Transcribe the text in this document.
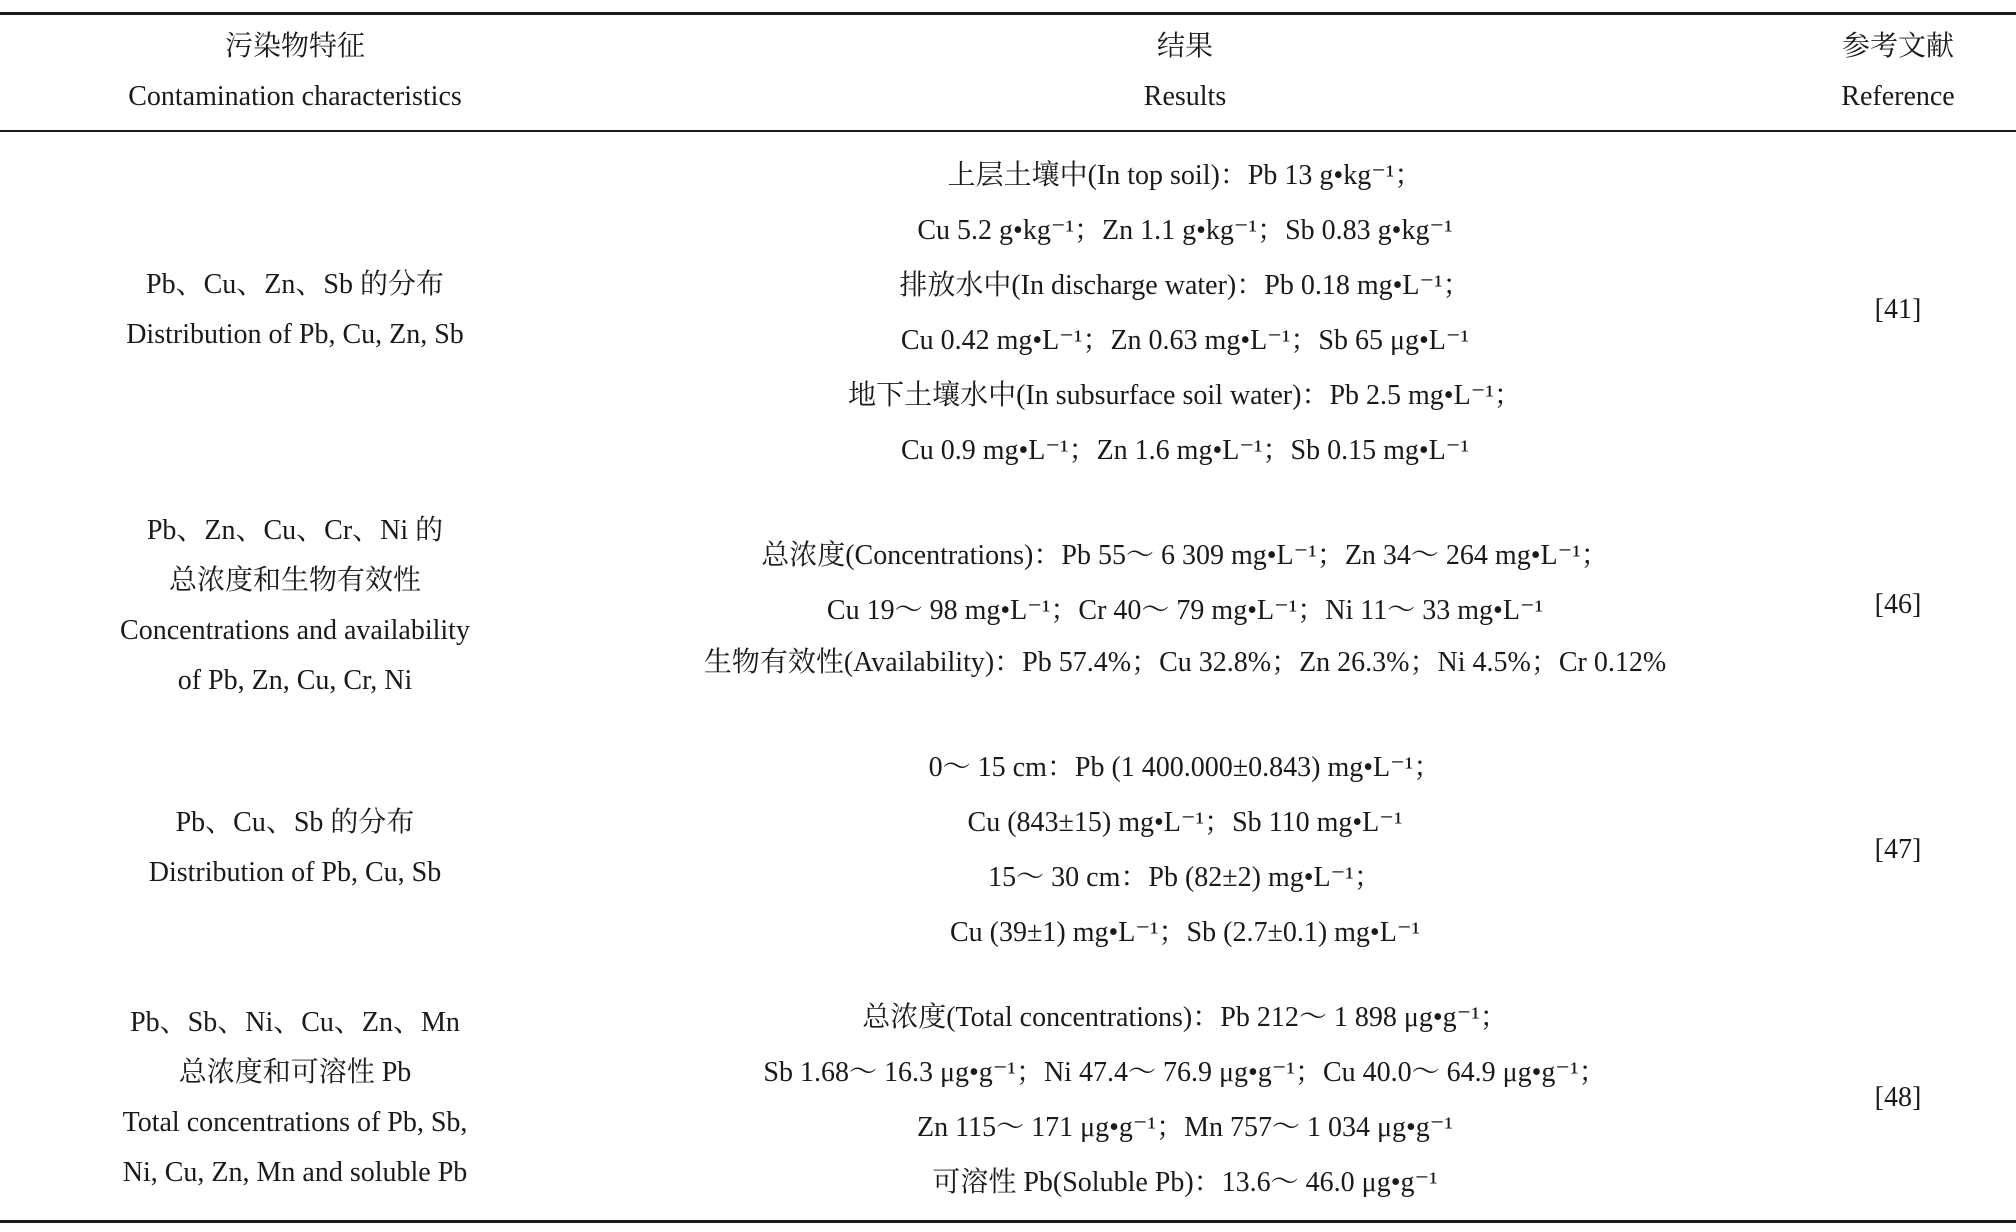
污染物特征
Contamination characteristics
结果
Results
参考文献
Reference
Pb、Cu、Zn、Sb 的分布
Distribution of Pb, Cu, Zn, Sb
上层土壤中(In top soil)：Pb 13 g•kg⁻¹；
Cu 5.2 g•kg⁻¹；Zn 1.1 g•kg⁻¹；Sb 0.83 g•kg⁻¹
排放水中(In discharge water)：Pb 0.18 mg•L⁻¹；
Cu 0.42 mg•L⁻¹；Zn 0.63 mg•L⁻¹；Sb 65 μg•L⁻¹
地下土壤水中(In subsurface soil water)：Pb 2.5 mg•L⁻¹；
Cu 0.9 mg•L⁻¹；Zn 1.6 mg•L⁻¹；Sb 0.15 mg•L⁻¹
[41]
Pb、Zn、Cu、Cr、Ni 的
总浓度和生物有效性
Concentrations and availability
of Pb, Zn, Cu, Cr, Ni
总浓度(Concentrations)：Pb 55～ 6 309 mg•L⁻¹；Zn 34～ 264 mg•L⁻¹；
Cu 19～ 98 mg•L⁻¹；Cr 40～ 79 mg•L⁻¹；Ni 11～ 33 mg•L⁻¹
生物有效性(Availability)：Pb 57.4%；Cu 32.8%；Zn 26.3%；Ni 4.5%；Cr 0.12%
[46]
Pb、Cu、Sb 的分布
Distribution of Pb, Cu, Sb
0～ 15 cm：Pb (1 400.000±0.843) mg•L⁻¹；
Cu (843±15) mg•L⁻¹；Sb 110 mg•L⁻¹
15～ 30 cm：Pb (82±2) mg•L⁻¹；
Cu (39±1) mg•L⁻¹；Sb (2.7±0.1) mg•L⁻¹
[47]
Pb、Sb、Ni、Cu、Zn、Mn
总浓度和可溶性 Pb
Total concentrations of Pb, Sb,
Ni, Cu, Zn, Mn and soluble Pb
总浓度(Total concentrations)：Pb 212～ 1 898 μg•g⁻¹；
Sb 1.68～ 16.3 μg•g⁻¹；Ni 47.4～ 76.9 μg•g⁻¹；Cu 40.0～ 64.9 μg•g⁻¹；
Zn 115～ 171 μg•g⁻¹；Mn 757～ 1 034 μg•g⁻¹
可溶性 Pb(Soluble Pb)：13.6～ 46.0 μg•g⁻¹
[48]
